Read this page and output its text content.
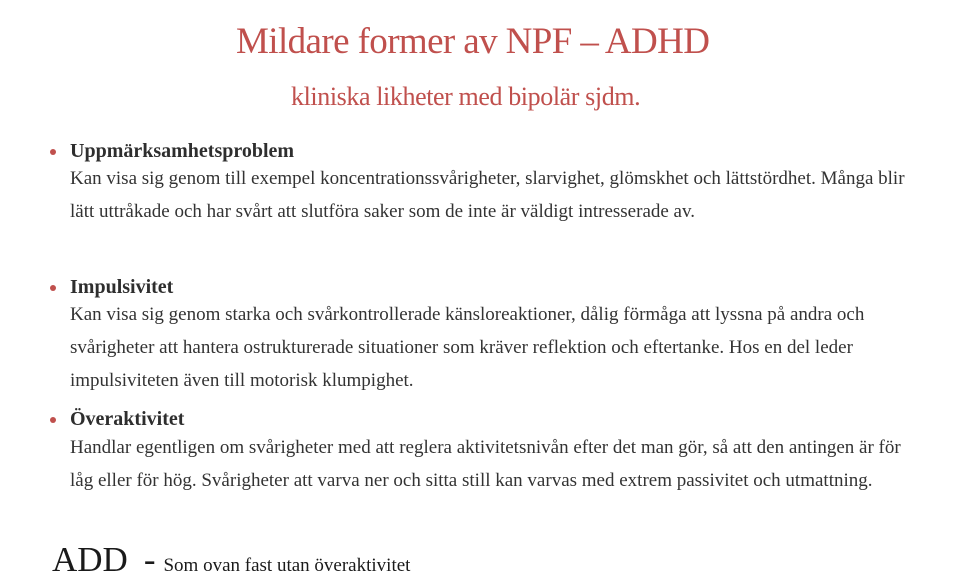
Mildare former av NPF – ADHD
kliniska likheter med bipolär sjdm.
Uppmärksamhetsproblem
Kan visa sig genom till exempel koncentrationssvårigheter, slarvighet, glömskhet och lättstördhet. Många blir lätt uttråkade och har svårt att slutföra saker som de inte är väldigt intresserade av.
Impulsivitet
Kan visa sig genom starka och svårkontrollerade känsloreaktioner, dålig förmåga att lyssna på andra och svårigheter att hantera ostrukturerade situationer som kräver reflektion och eftertanke. Hos en del leder impulsiviteten även till motorisk klumpighet.
Överaktivitet
Handlar egentligen om svårigheter med att reglera aktivitetsnivån efter det man gör, så att den antingen är för låg eller för hög. Svårigheter att varva ner och sitta still kan varvas med extrem passivitet och utmattning.
ADD - Som ovan fast utan överaktivitet
